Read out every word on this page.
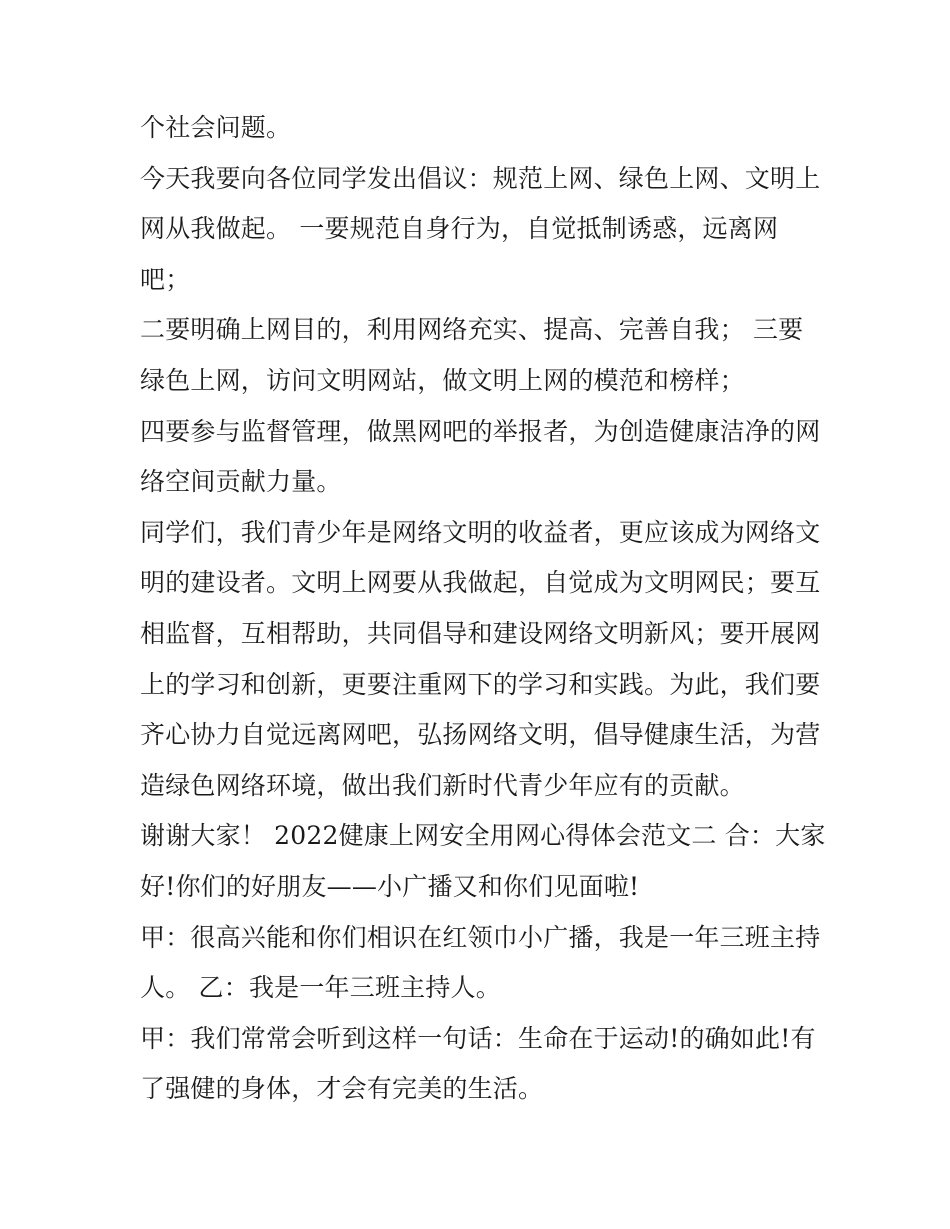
个社会问题。
今天我要向各位同学发出倡议：规范上网、绿色上网、文明上
网从我做起。 一要规范自身行为，自觉抵制诱惑，远离网
吧；
二要明确上网目的，利用网络充实、提高、完善自我； 三要
绿色上网，访问文明网站，做文明上网的模范和榜样；
四要参与监督管理，做黑网吧的举报者，为创造健康洁净的网
络空间贡献力量。
同学们，我们青少年是网络文明的收益者，更应该成为网络文
明的建设者。文明上网要从我做起，自觉成为文明网民；要互
相监督，互相帮助，共同倡导和建设网络文明新风；要开展网
上的学习和创新，更要注重网下的学习和实践。为此，我们要
齐心协力自觉远离网吧，弘扬网络文明，倡导健康生活，为营
造绿色网络环境，做出我们新时代青少年应有的贡献。
谢谢大家！ 2022健康上网安全用网心得体会范文二 合：大家
好!你们的好朋友——小广播又和你们见面啦!
甲：很高兴能和你们相识在红领巾小广播，我是一年三班主持
人。 乙：我是一年三班主持人。
甲：我们常常会听到这样一句话：生命在于运动!的确如此!有
了强健的身体，才会有完美的生活。
